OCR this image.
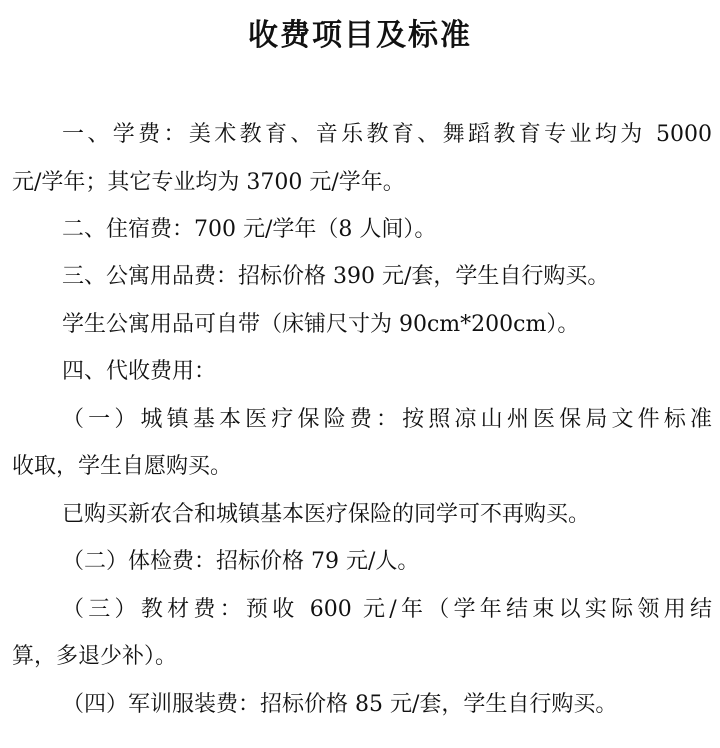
收费项目及标准
一、学费：美术教育、音乐教育、舞蹈教育专业均为 5000
元/学年；其它专业均为 3700 元/学年。
二、住宿费：700 元/学年（8 人间）。
三、公寓用品费：招标价格 390 元/套，学生自行购买。
学生公寓用品可自带（床铺尺寸为 90cm*200cm）。
四、代收费用：
（一）城镇基本医疗保险费：按照凉山州医保局文件标准
收取，学生自愿购买。
已购买新农合和城镇基本医疗保险的同学可不再购买。
（二）体检费：招标价格 79 元/人。
（三）教材费：预收 600 元/年（学年结束以实际领用结
算，多退少补）。
（四）军训服装费：招标价格 85 元/套，学生自行购买。
